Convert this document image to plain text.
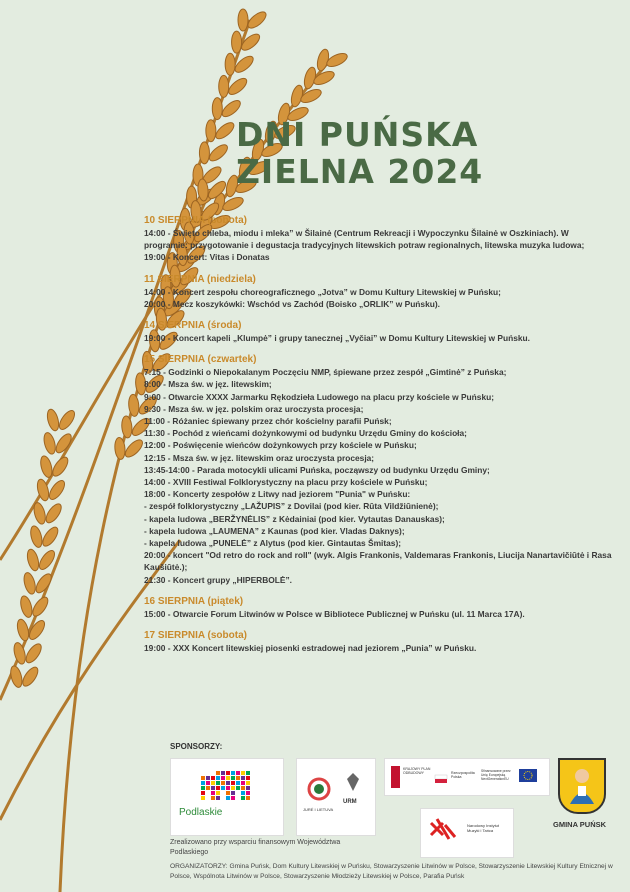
DNI PUŃSKA
ZIELNA 2024
10 SIERPNIA (sobota)
14:00 - Święto chleba, miodu i mleka” w Šilainė (Centrum Rekreacji i Wypoczynku Šilainė w Oszkiniach). W programie: przygotowanie i degustacja tradycyjnych litewskich potraw regionalnych, litewska muzyka ludowa;
19:00 - Koncert: Vitas i Donatas
11 SIERPNIA (niedziela)
14:00 - Koncert zespołu choreograficznego „Jotva” w Domu Kultury Litewskiej w Puńsku;
20:00 - Mecz koszykówki: Wschód vs Zachód (Boisko „ORLIK” w Puńsku).
14 SIERPNIA (środa)
19:00 - Koncert kapeli „Klumpė” i grupy tanecznej „Vyčiai” w Domu Kultury Litewskiej w Puńsku.
15 SIERPNIA (czwartek)
7:15 - Godzinki o Niepokalanym Poczęciu NMP, śpiewane przez zespół „Gimtinė” z Puńska;
8:00 - Msza św. w jęz. litewskim;
9:00 - Otwarcie XXXX Jarmarku Rękodzieła Ludowego na placu przy kościele w Puńsku;
9:30 - Msza św. w jęz. polskim oraz uroczysta procesja;
11:00 - Różaniec śpiewany przez chór kościelny parafii Puńsk;
11:30 - Pochód z wieńcami dożynkowymi od budynku Urzędu Gminy do kościoła;
12:00 - Poświęcenie wieńców dożynkowych przy kościele w Puńsku;
12:15 - Msza św. w jęz. litewskim oraz uroczysta procesja;
13:45-14:00 - Parada motocykli ulicami Puńska, począwszy od budynku Urzędu Gminy;
14:00 - XVIII Festiwal Folklorystyczny na placu przy kościele w Puńsku;
18:00 - Koncerty zespołów z Litwy nad jeziorem "Punia" w Puńsku:
- zespół folklorystyczny „LAŽUPIS” z Dovilai (pod kier. Rūta Vildžiūnienė);
- kapela ludowa „BERŽYNĖLIS” z Kėdainiai (pod kier. Vytautas Danauskas);
- kapela ludowa „LAUMENA” z Kaunas (pod kier. Vladas Daknys);
- kapela ludowa „PUNELĖ” z Alytus (pod kier. Gintautas Šmitas);
20:00 - koncert "Od retro do rock and roll" (wyk. Algis Frankonis, Valdemaras Frankonis, Liucija Nanartavičiūtė i Rasa Kaušiūtė.);
21:30 - Koncert grupy „HIPERBOLĖ”.
16 SIERPNIA (piątek)
15:00 - Otwarcie Forum Litwinów w Polsce w Bibliotece Publicznej w Puńsku (ul. 11 Marca 17A).
17 SIERPNIA (sobota)
19:00 - XXX Koncert litewskiej piosenki estradowej nad jeziorem „Punia” w Puńsku.
SPONSORZY:
Podlaskie	JURĖ I LIETUVA
URM
KRAJOWY PLAN ODBUDOWY	Rzeczpospolita Polska
Sfinansowane przez Unię Europejską NextGenerationEU
Narodowy Instytut Muzyki i Tańca
GMINA PUŃSK
Zrealizowano przy wsparciu finansowym Województwa Podlaskiego
ORGANIZATORZY: Gmina Puńsk, Dom Kultury Litewskiej w Puńsku, Stowarzyszenie Litwinów w Polsce, Stowarzyszenie Litewskiej Kultury Etnicznej w Polsce, Wspólnota Litwinów w Polsce, Stowarzyszenie Młodzieży Litewskiej w Polsce, Parafia Puńsk
